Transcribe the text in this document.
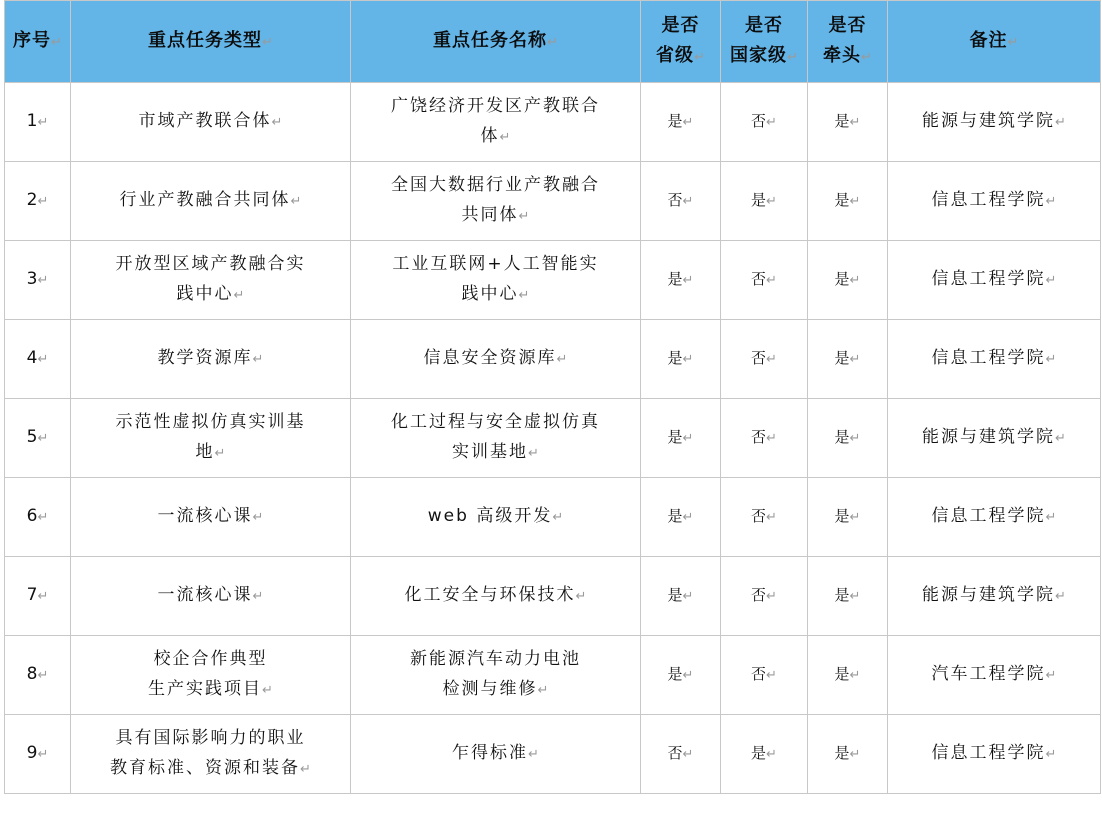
序号↵	重点任务类型↵	重点任务名称↵	是否
省级↵	是否
国家级↵	是否
牵头↵	备注↵
1↵	市域产教联合体↵	广饶经济开发区产教联合
体↵	是↵	否↵	是↵	能源与建筑学院↵
2↵	行业产教融合共同体↵	全国大数据行业产教融合
共同体↵	否↵	是↵	是↵	信息工程学院↵
3↵	开放型区域产教融合实
践中心↵	工业互联网+人工智能实
践中心↵	是↵	否↵	是↵	信息工程学院↵
4↵	教学资源库↵	信息安全资源库↵	是↵	否↵	是↵	信息工程学院↵
5↵	示范性虚拟仿真实训基
地↵	化工过程与安全虚拟仿真
实训基地↵	是↵	否↵	是↵	能源与建筑学院↵
6↵	一流核心课↵	web 高级开发↵	是↵	否↵	是↵	信息工程学院↵
7↵	一流核心课↵	化工安全与环保技术↵	是↵	否↵	是↵	能源与建筑学院↵
8↵	校企合作典型
生产实践项目↵	新能源汽车动力电池
检测与维修↵	是↵	否↵	是↵	汽车工程学院↵
9↵	具有国际影响力的职业
教育标准、资源和装备↵	乍得标准↵	否↵	是↵	是↵	信息工程学院↵
